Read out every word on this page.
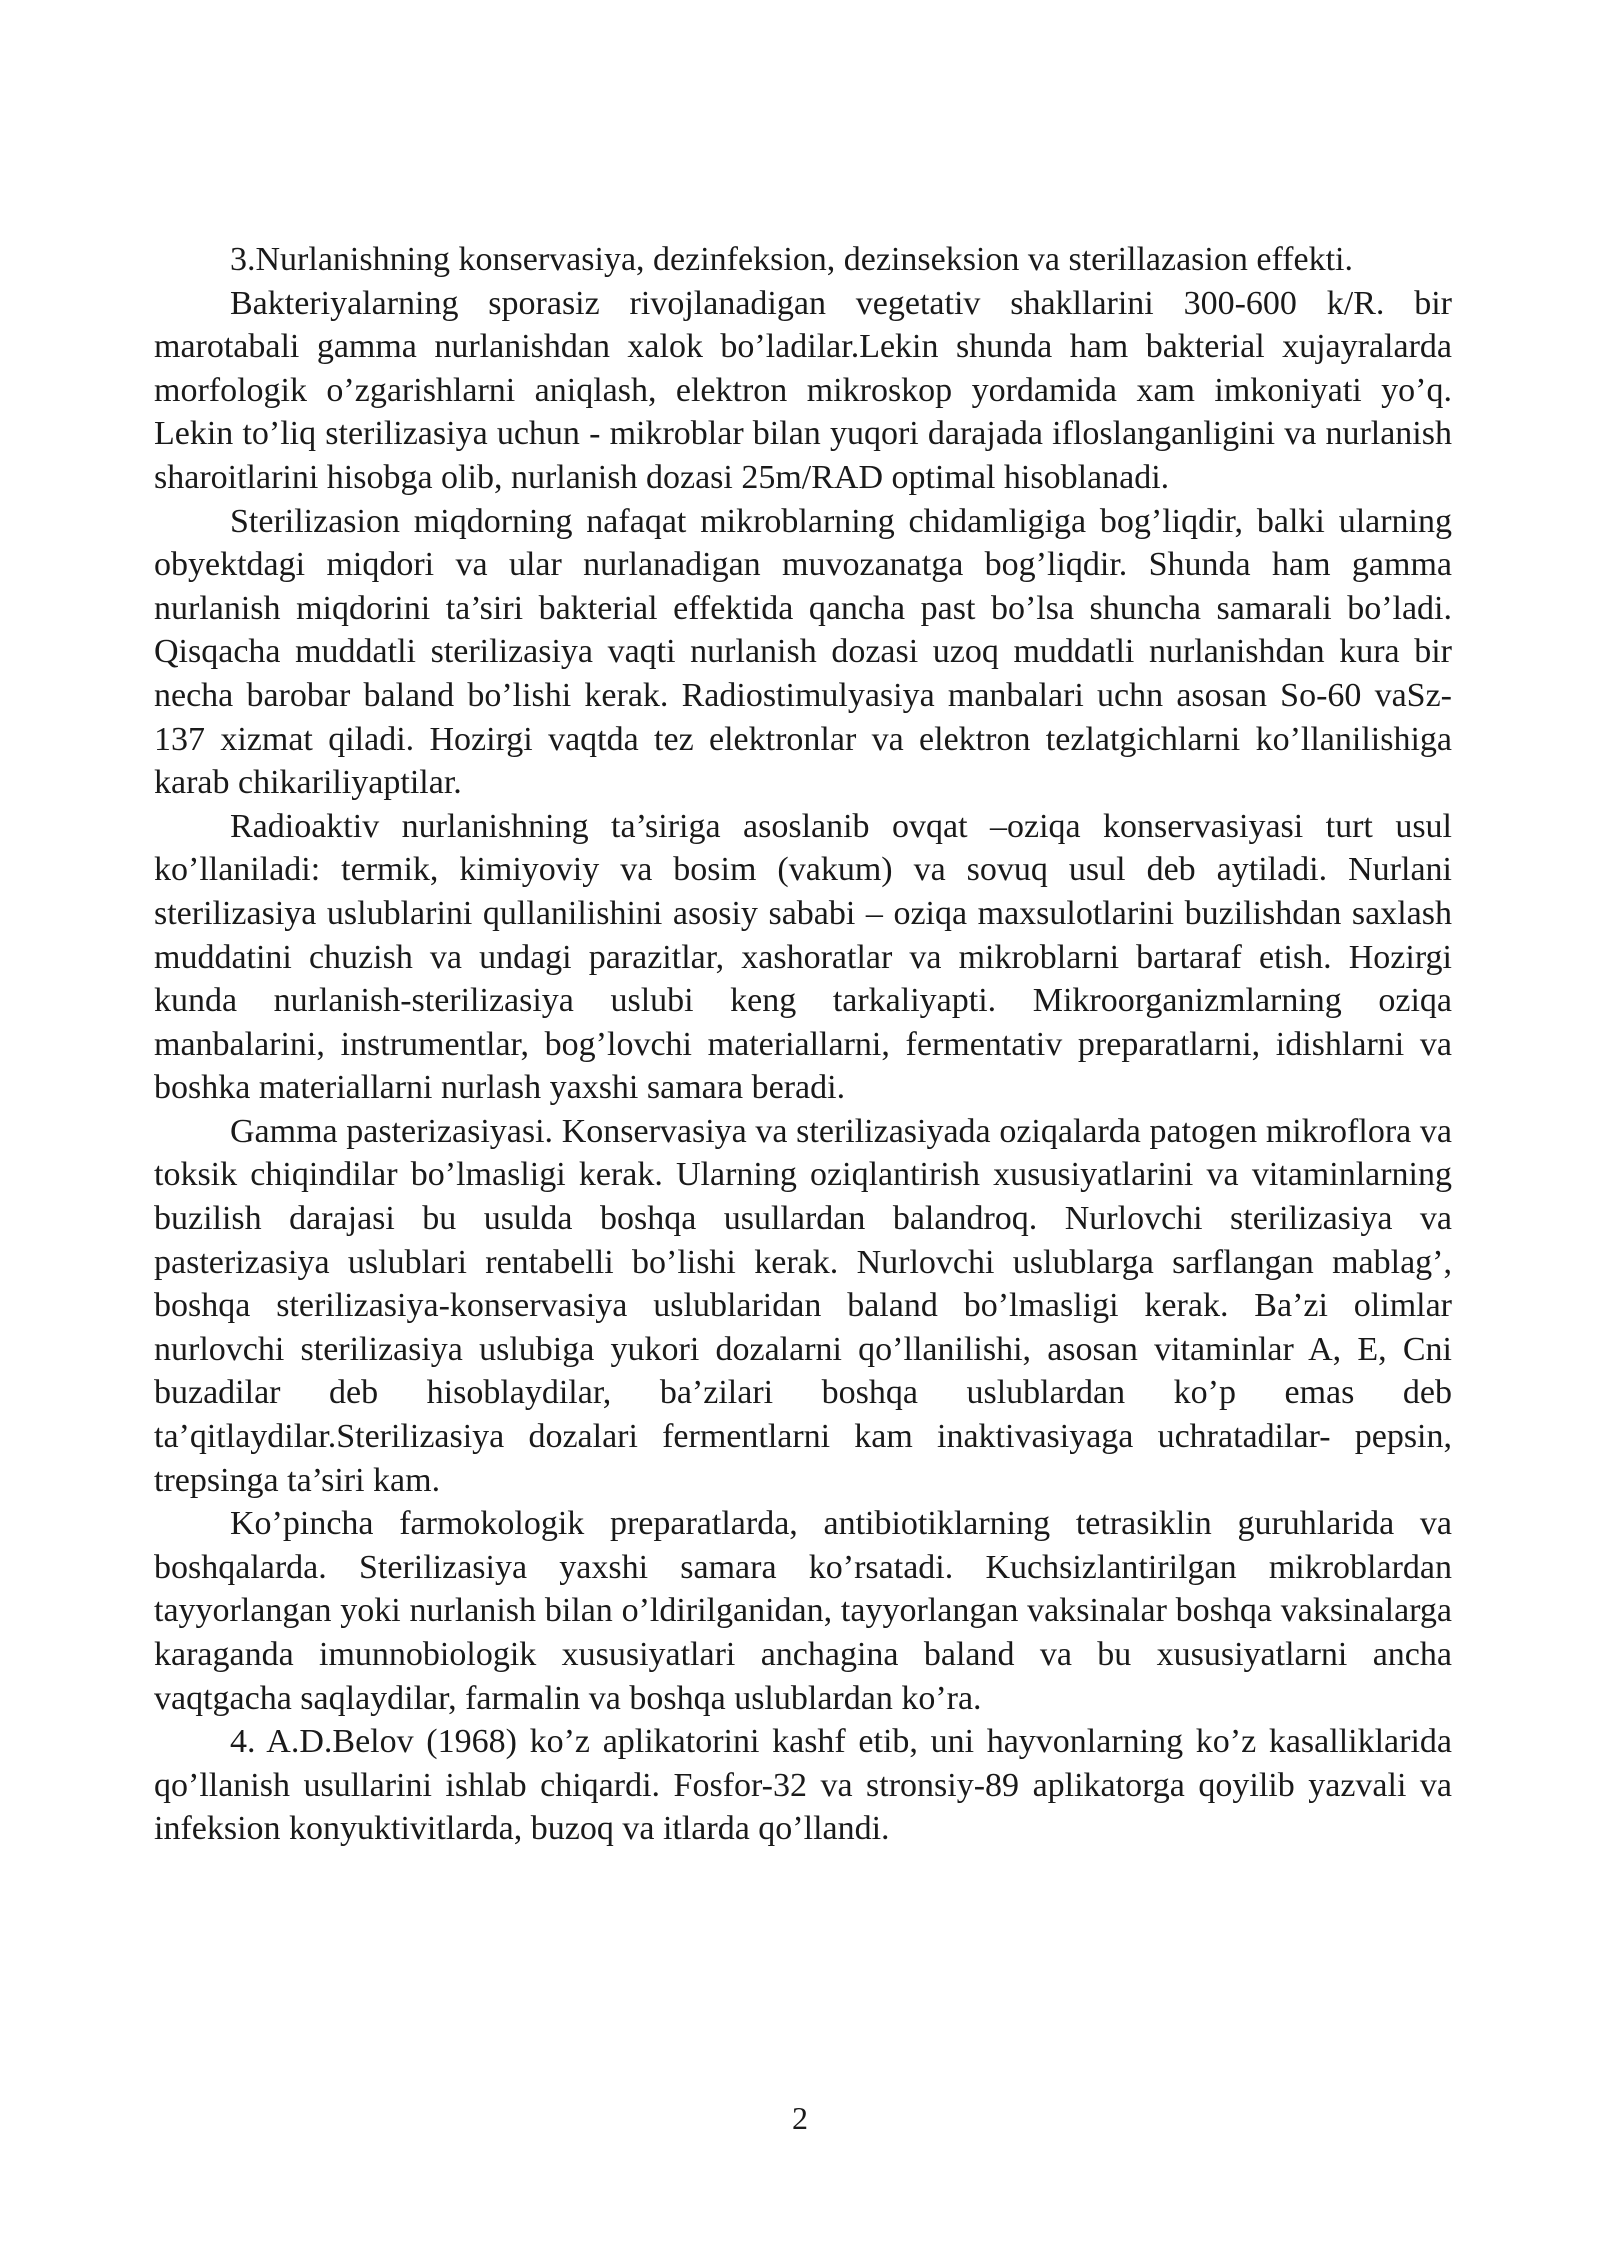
3.Nurlanishning konservasiya, dezinfeksion, dezinseksion va sterillazasion effekti.

Bakteriyalarning sporasiz rivojlanadigan vegetativ shakllarini 300-600 k/R. bir marotabali gamma nurlanishdan xalok bo’ladilar.Lekin shunda ham bakterial xujayralarda morfologik o’zgarishlarni aniqlash, elektron mikroskop yordamida xam imkoniyati yo’q. Lekin to’liq sterilizasiya uchun - mikroblar bilan yuqori darajada ifloslanganligini va nurlanish sharoitlarini hisobga olib, nurlanish dozasi 25m/RAD optimal hisoblanadi.

Sterilizasion miqdorning nafaqat mikroblarning chidamligiga bog’liqdir, balki ularning obyektdagi miqdori va ular nurlanadigan muvozanatga bog’liqdir. Shunda ham gamma nurlanish miqdorini ta’siri bakterial effektida qancha past bo’lsa shuncha samarali bo’ladi. Qisqacha muddatli sterilizasiya vaqti nurlanish dozasi uzoq muddatli nurlanishdan kura bir necha barobar baland bo’lishi kerak. Radiostimulyasiya manbalari uchn asosan So-60 vaSz-137 xizmat qiladi. Hozirgi vaqtda tez elektronlar va elektron tezlatgichlarni ko’llanilishiga karab chikariliyaptilar.

Radioaktiv nurlanishning ta’siriga asoslanib ovqat –oziqa konservasiyasi turt usul ko’llaniladi: termik, kimiyoviy va bosim (vakum) va sovuq usul deb aytiladi. Nurlani sterilizasiya uslublarini qullanilishini asosiy sababi – oziqa maxsulotlarini buzilishdan saxlash muddatini chuzish va undagi parazitlar, xashoratlar va mikroblarni bartaraf etish. Hozirgi kunda nurlanish-sterilizasiya uslubi keng tarkaliyapti. Mikroorganizmlarning oziqa manbalarini, instrumentlar, bog’lovchi materiallarni, fermentativ preparatlarni, idishlarni va boshka materiallarni nurlash yaxshi samara beradi.

Gamma pasterizasiyasi. Konservasiya va sterilizasiyada oziqalarda patogen mikroflora va toksik chiqindilar bo’lmasligi kerak. Ularning oziqlantirish xususiyatlarini va vitaminlarning buzilish darajasi bu usulda boshqa usullardan balandroq. Nurlovchi sterilizasiya va pasterizasiya uslublari rentabelli bo’lishi kerak. Nurlovchi uslublarga sarflangan mablag’, boshqa sterilizasiya-konservasiya uslublaridan baland bo’lmasligi kerak. Ba’zi olimlar nurlovchi sterilizasiya uslubiga yukori dozalarni qo’llanilishi, asosan vitaminlar A, E, Cni buzadilar deb hisoblaydilar, ba’zilari boshqa uslublardan ko’p emas deb ta’qitlaydilar.Sterilizasiya dozalari fermentlarni kam inaktivasiyaga uchratadilar- pepsin, trepsinga ta’siri kam.

Ko’pincha farmokologik preparatlarda, antibiotiklarning tetrasiklin guruhlarida va boshqalarda. Sterilizasiya yaxshi samara ko’rsatadi. Kuchsizlantirilgan mikroblardan tayyorlangan yoki nurlanish bilan o’ldirilganidan, tayyorlangan vaksinalar boshqa vaksinalarga karaganda imunnobiologik xususiyatlari anchagina baland va bu xususiyatlarni ancha vaqtgacha saqlaydilar, farmalin va boshqa uslublardan ko’ra.

4. A.D.Belov (1968) ko’z aplikatorini kashf etib, uni hayvonlarning ko’z kasalliklarida qo’llanish usullarini ishlab chiqardi. Fosfor-32 va stronsiy-89 aplikatorga qoyilib yazvali va infeksion konyuktivitlarda, buzoq va itlarda qo’llandi.

2
